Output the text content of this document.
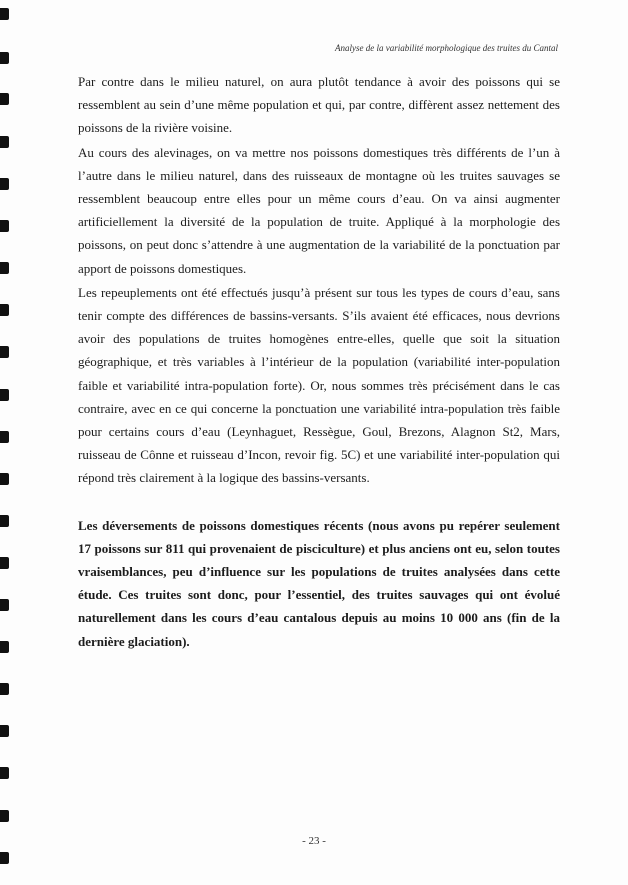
Analyse de la variabilité morphologique des truites du Cantal

Par contre dans le milieu naturel, on aura plutôt tendance à avoir des poissons qui se ressemblent au sein d’une même population et qui, par contre, diffèrent assez nettement des poissons de la rivière voisine.

Au cours des alevinages, on va mettre nos poissons domestiques très différents de l’un à l’autre dans le milieu naturel, dans des ruisseaux de montagne où les truites sauvages se ressemblent beaucoup entre elles pour un même cours d’eau. On va ainsi augmenter artificiellement la diversité de la population de truite. Appliqué à la morphologie des poissons, on peut donc s’attendre à une augmentation de la variabilité de la ponctuation par apport de poissons domestiques.

Les repeuplements ont été effectués jusqu’à présent sur tous les types de cours d’eau, sans tenir compte des différences de bassins-versants. S’ils avaient été efficaces, nous devrions avoir des populations de truites homogènes entre-elles, quelle que soit la situation géographique, et très variables à l’intérieur de la population (variabilité inter-population faible et variabilité intra-population forte). Or, nous sommes très précisément dans le cas contraire, avec en ce qui concerne la ponctuation une variabilité intra-population très faible pour certains cours d’eau (Leynhaguet, Ressègue, Goul, Brezons, Alagnon St2, Mars, ruisseau de Cônne et ruisseau d’Incon, revoir fig. 5C) et une variabilité inter-population qui répond très clairement à la logique des bassins-versants.

Les déversements de poissons domestiques récents (nous avons pu repérer seulement 17 poissons sur 811 qui provenaient de pisciculture) et plus anciens ont eu, selon toutes vraisemblances, peu d’influence sur les populations de truites analysées dans cette étude. Ces truites sont donc, pour l’essentiel, des truites sauvages qui ont évolué naturellement dans les cours d’eau cantalous depuis au moins 10 000 ans (fin de la dernière glaciation).

- 23 -
